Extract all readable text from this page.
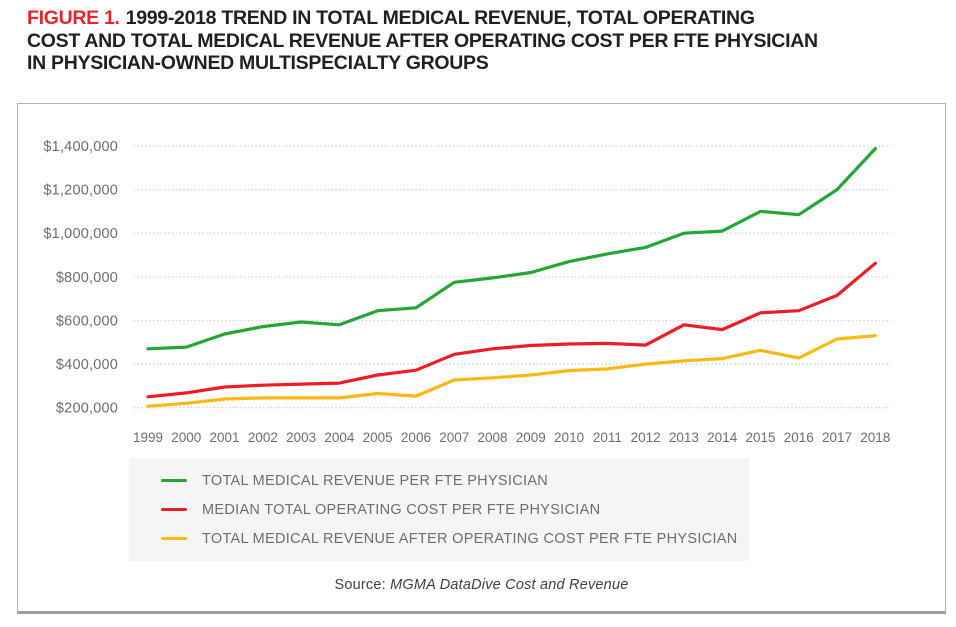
FIGURE 1. 1999-2018 TREND IN TOTAL MEDICAL REVENUE, TOTAL OPERATING
COST AND TOTAL MEDICAL REVENUE AFTER OPERATING COST PER FTE PHYSICIAN
IN PHYSICIAN-OWNED MULTISPECIALTY GROUPS
$200,000
$400,000
$600,000
$800,000
$1,000,000
$1,200,000
$1,400,000
1999 2000 2001 2002 2003 2004 2005 2006 2007 2008 2009 2010 2011 2012 2013 2014 2015 2016 2017 2018
TOTAL MEDICAL REVENUE PER FTE PHYSICIAN
MEDIAN TOTAL OPERATING COST PER FTE PHYSICIAN
TOTAL MEDICAL REVENUE AFTER OPERATING COST PER FTE PHYSICIAN
Source: MGMA DataDive Cost and Revenue
